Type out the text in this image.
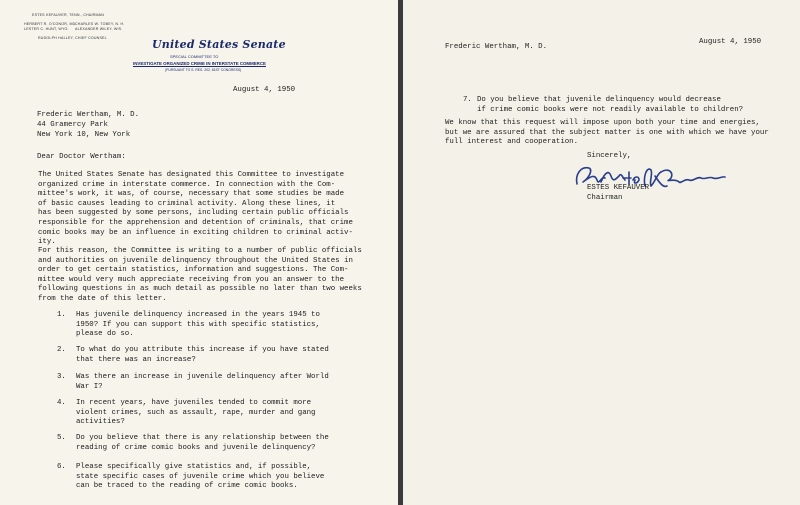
ESTES KEFAUVER, TENN., CHAIRMAN
HERBERT R. O'CONOR, MD.
LESTER C. HUNT, WYO.
CHARLES W. TOBEY, N. H.
ALEXANDER WILEY, WIS.
RUDOLPH HALLEY, CHIEF COUNSEL	United States Senate
SPECIAL COMMITTEE TO
INVESTIGATE ORGANIZED CRIME IN INTERSTATE COMMERCE
(PURSUANT TO S. RES. 202, 81ST CONGRESS)
August 4, 1950
Frederic Wertham, M. D.
44 Gramercy Park
New York 10, New York
Dear Doctor Wertham:
The United States Senate has designated this Committee to investigate
organized crime in interstate commerce. In connection with the Com-
mittee's work, it was, of course, necessary that some studies be made
of basic causes leading to criminal activity. Along these lines, it
has been suggested by some persons, including certain public officials
responsible for the apprehension and detention of criminals, that crime
comic books may be an influence in exciting children to criminal activ-
ity.
For this reason, the Committee is writing to a number of public officials
and authorities on juvenile delinquency throughout the United States in
order to get certain statistics, information and suggestions. The Com-
mittee would very much appreciate receiving from you an answer to the
following questions in as much detail as possible no later than two weeks
from the date of this letter.
1. Has juvenile delinquency increased in the years 1945 to
1950? If you can support this with specific statistics,
please do so.
2. To what do you attribute this increase if you have stated
that there was an increase?
3. Was there an increase in juvenile delinquency after World
War I?
4. In recent years, have juveniles tended to commit more
violent crimes, such as assault, rape, murder and gang
activities?
5. Do you believe that there is any relationship between the
reading of crime comic books and juvenile delinquency?
6. Please specifically give statistics and, if possible,
state specific cases of juvenile crime which you believe
can be traced to the reading of crime comic books.
Frederic Wertham, M. D.
August 4, 1950
7. Do you believe that juvenile delinquency would decrease
if crime comic books were not readily available to children?
We know that this request will impose upon both your time and energies,
but we are assured that the subject matter is one with which we have your
full interest and cooperation.
Sincerely,
ESTES KEFAUVER
Chairman
